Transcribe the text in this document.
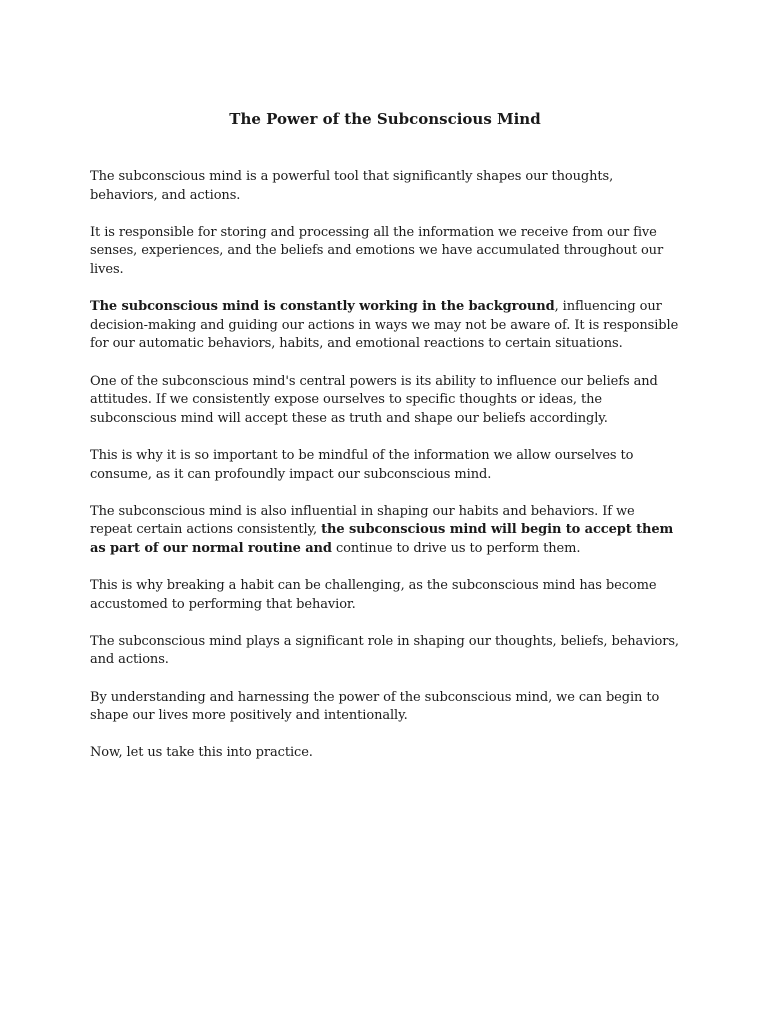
The Power of the Subconscious Mind

The subconscious mind is a powerful tool that significantly shapes our thoughts, behaviors, and actions.

It is responsible for storing and processing all the information we receive from our five senses, experiences, and the beliefs and emotions we have accumulated throughout our lives.

The subconscious mind is constantly working in the background, influencing our decision-making and guiding our actions in ways we may not be aware of. It is responsible for our automatic behaviors, habits, and emotional reactions to certain situations.

One of the subconscious mind's central powers is its ability to influence our beliefs and attitudes. If we consistently expose ourselves to specific thoughts or ideas, the subconscious mind will accept these as truth and shape our beliefs accordingly.

This is why it is so important to be mindful of the information we allow ourselves to consume, as it can profoundly impact our subconscious mind.

The subconscious mind is also influential in shaping our habits and behaviors. If we repeat certain actions consistently, the subconscious mind will begin to accept them as part of our normal routine and continue to drive us to perform them.

This is why breaking a habit can be challenging, as the subconscious mind has become accustomed to performing that behavior.

The subconscious mind plays a significant role in shaping our thoughts, beliefs, behaviors, and actions.

By understanding and harnessing the power of the subconscious mind, we can begin to shape our lives more positively and intentionally.

Now, let us take this into practice.
